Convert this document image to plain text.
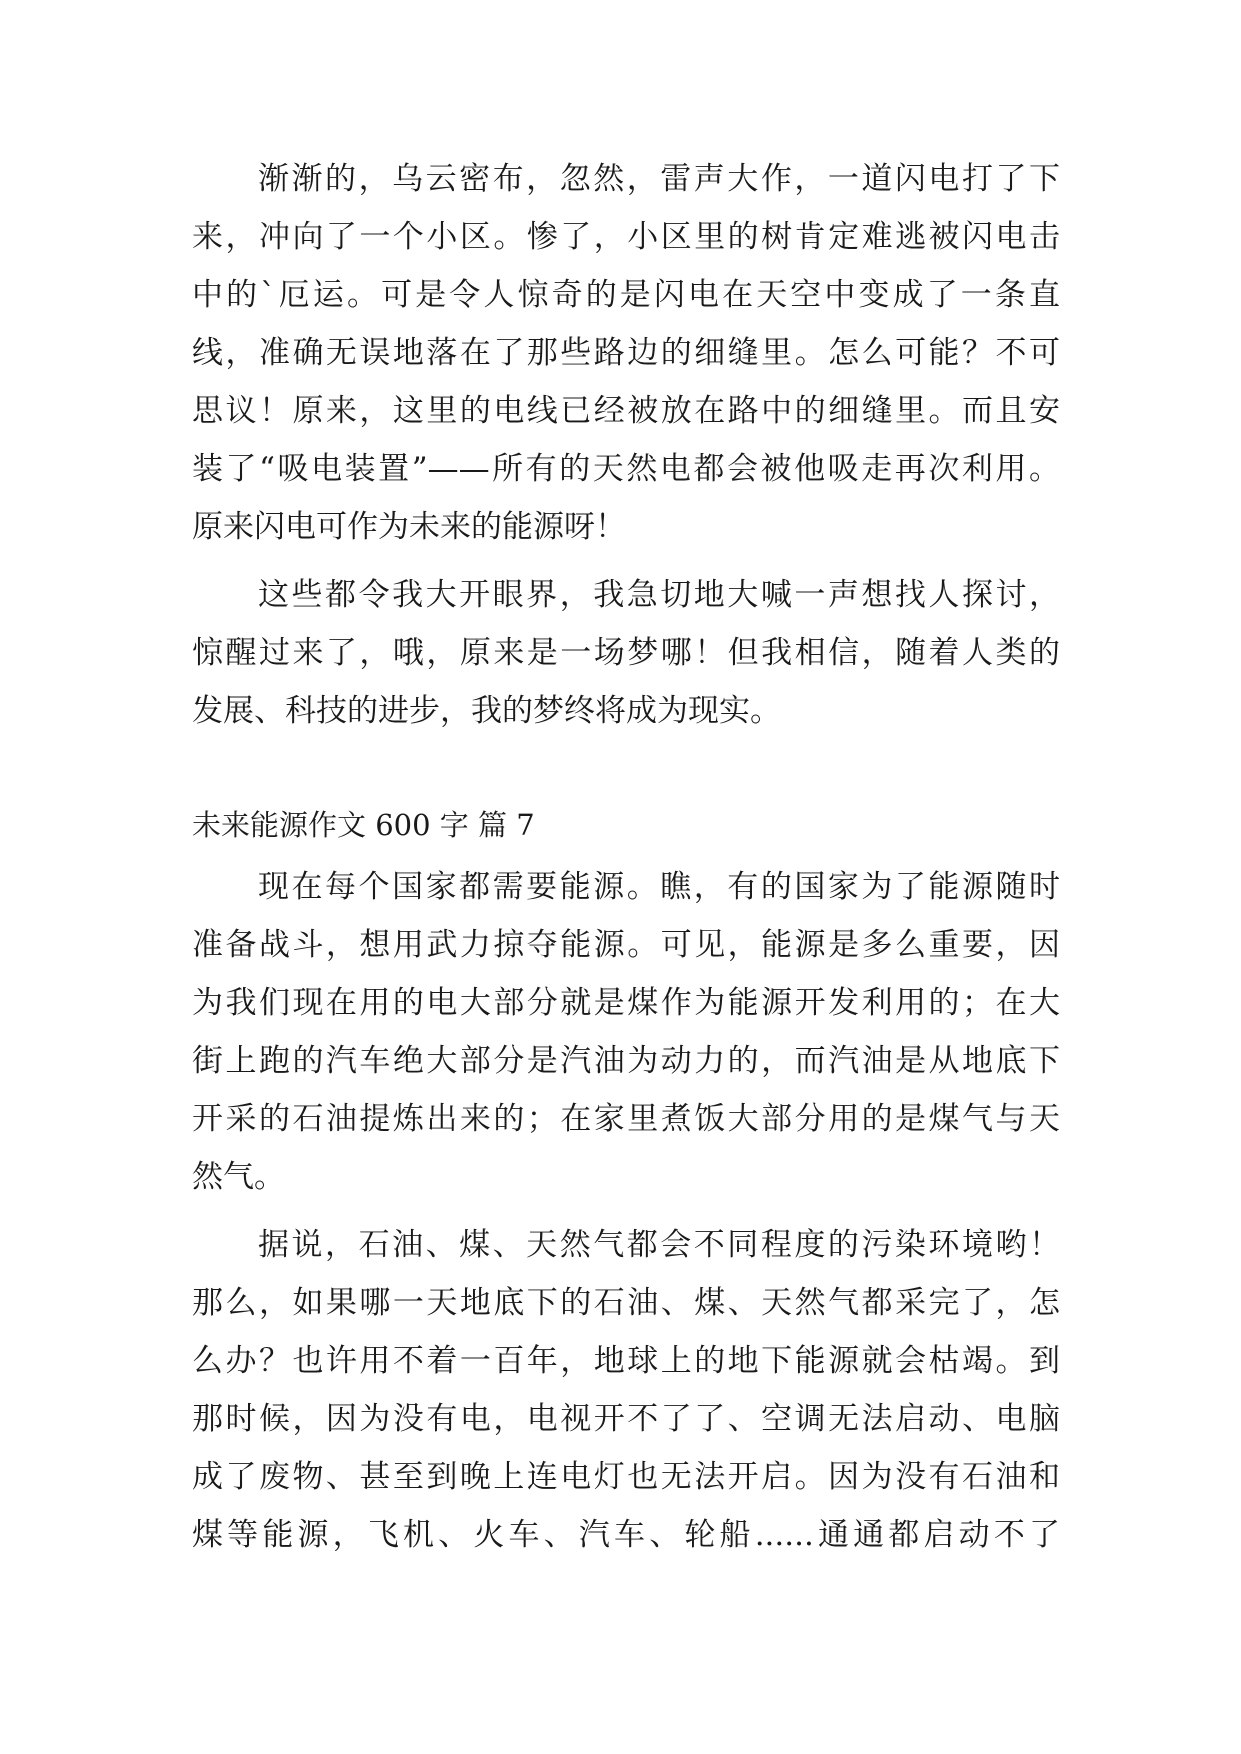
渐渐的，乌云密布，忽然，雷声大作，一道闪电打了下
来，冲向了一个小区。惨了，小区里的树肯定难逃被闪电击
中的`厄运。可是令人惊奇的是闪电在天空中变成了一条直
线，准确无误地落在了那些路边的细缝里。怎么可能？不可
思议！原来，这里的电线已经被放在路中的细缝里。而且安
装了“吸电装置”——所有的天然电都会被他吸走再次利用。
原来闪电可作为未来的能源呀！
这些都令我大开眼界，我急切地大喊一声想找人探讨，
惊醒过来了，哦，原来是一场梦哪！但我相信，随着人类的
发展、科技的进步，我的梦终将成为现实。
未来能源作文 600 字 篇 7
现在每个国家都需要能源。瞧，有的国家为了能源随时
准备战斗，想用武力掠夺能源。可见，能源是多么重要，因
为我们现在用的电大部分就是煤作为能源开发利用的；在大
街上跑的汽车绝大部分是汽油为动力的，而汽油是从地底下
开采的石油提炼出来的；在家里煮饭大部分用的是煤气与天
然气。
据说，石油、煤、天然气都会不同程度的污染环境哟！
那么，如果哪一天地底下的石油、煤、天然气都采完了，怎
么办？也许用不着一百年，地球上的地下能源就会枯竭。到
那时候，因为没有电，电视开不了了、空调无法启动、电脑
成了废物、甚至到晚上连电灯也无法开启。因为没有石油和
煤等能源，飞机、火车、汽车、轮船......通通都启动不了
